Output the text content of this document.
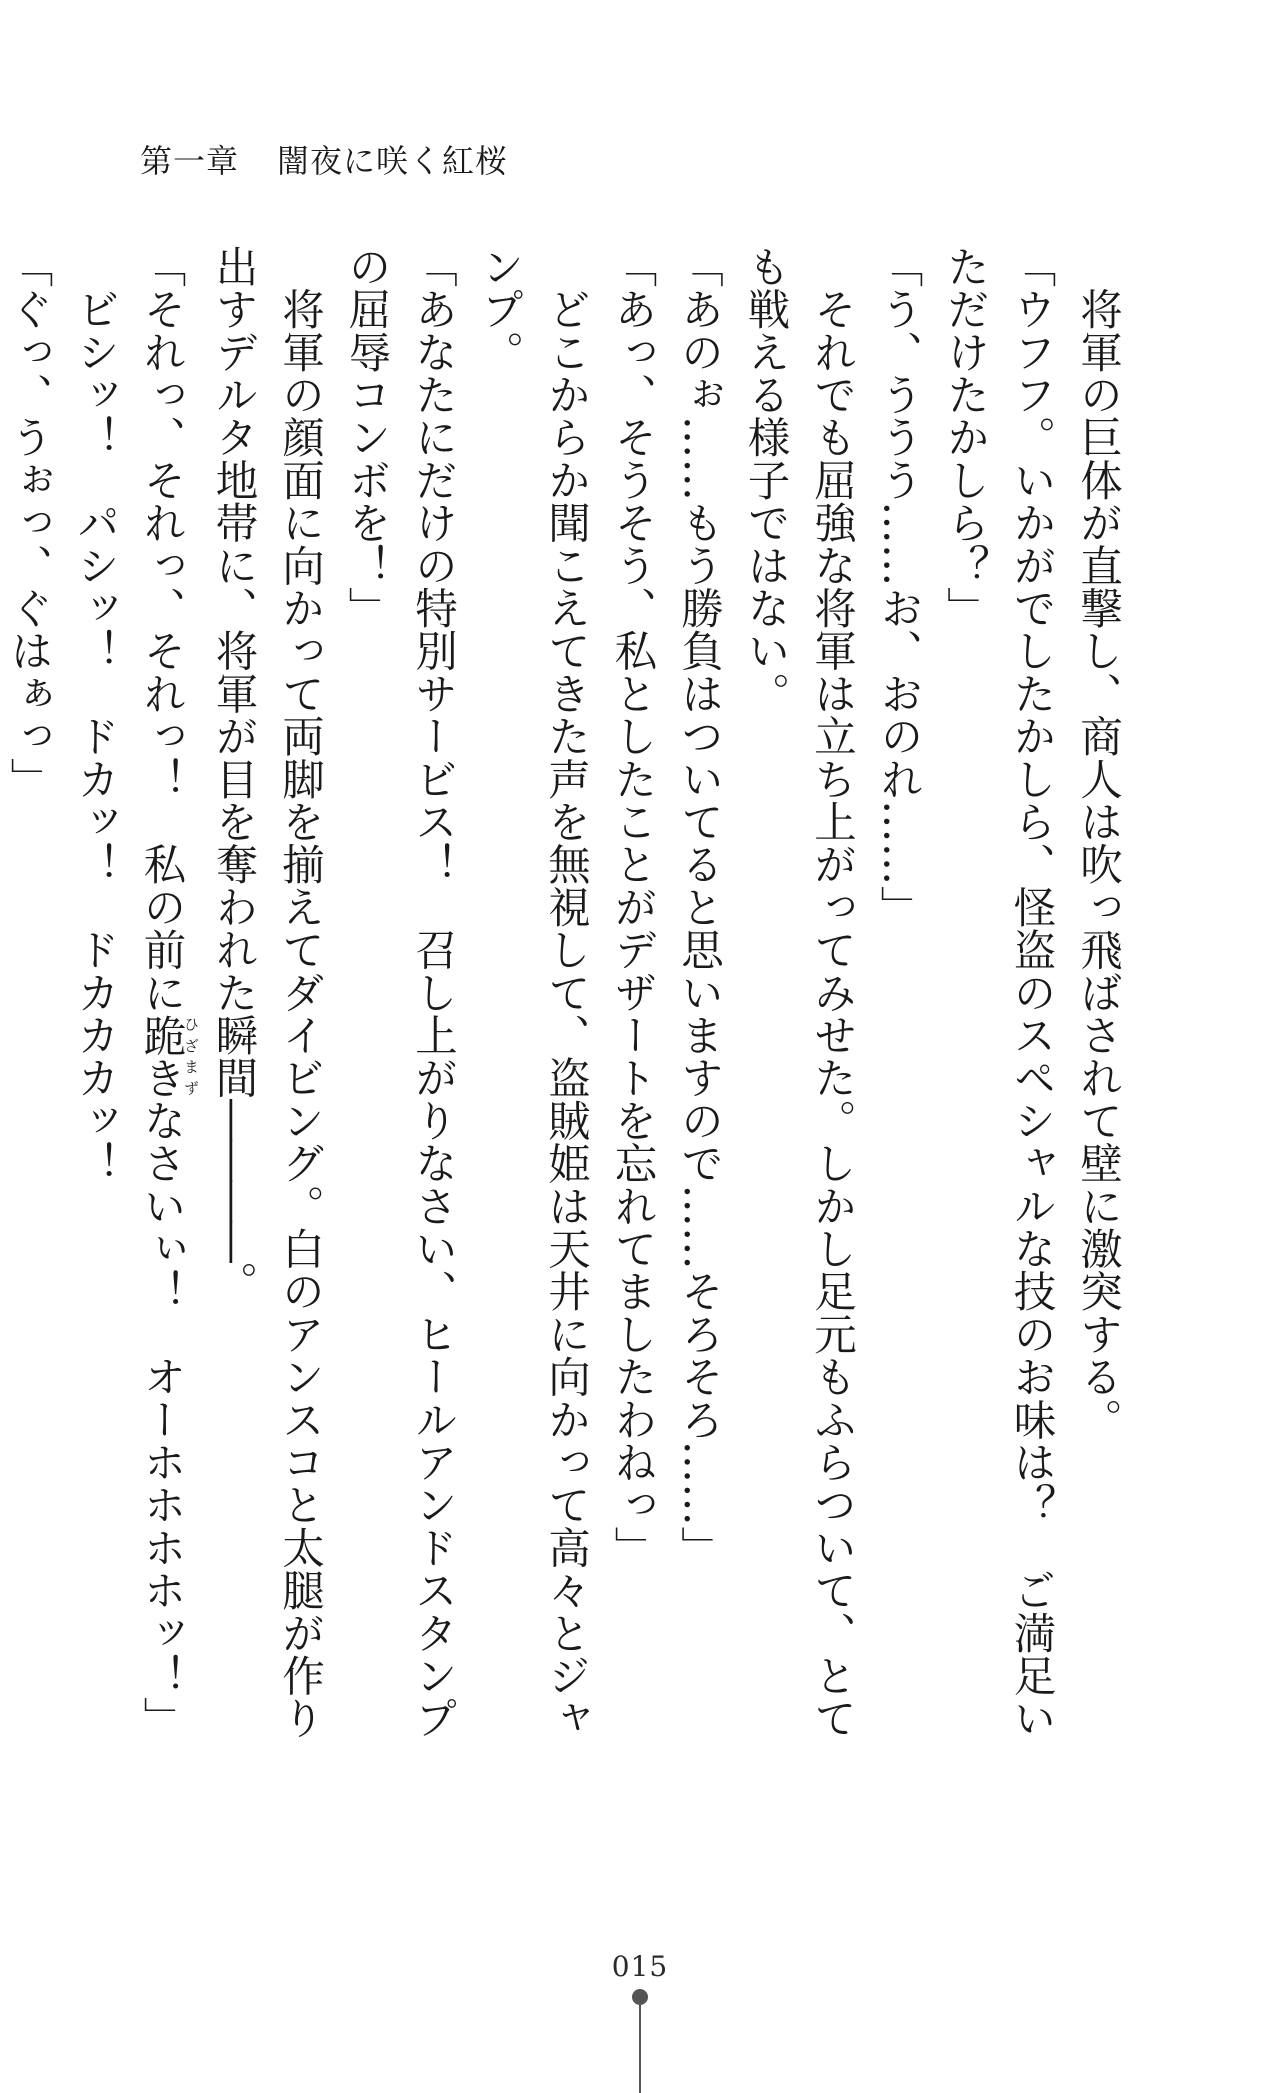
第一章 闇夜に咲く紅桜

　将軍の巨体が直撃し、商人は吹っ飛ばされて壁に激突する。

「ウフフ。いかがでしたかしら、怪盗のスペシャルな技のお味は？　ご満足いただけたかしら？」

「う、ううう……お、おのれ……」

　それでも屈強な将軍は立ち上がってみせた。しかし足元もふらついて、とても戦える様子ではない。

「あのぉ……もう勝負はついてると思いますので……そろそろ……」

「あっ、そうそう、私としたことがデザートを忘れてましたわねっ」

　どこからか聞こえてきた声を無視して、盗賊姫は天井に向かって高々とジャンプ。

「あなたにだけの特別サービス！　召し上がりなさい、ヒールアンドスタンプの屈辱コンボを！」

　将軍の顔面に向かって両脚を揃えてダイビング。白のアンスコと太腿が作り出すデルタ地帯に、将軍が目を奪われた瞬間――――。

「それっ、それっ、それっ！　私の前に跪きひざまずなさいぃ！　オーホホホホッ！」

　ビシッ！　パシッ！　ドカッ！　ドカカカッ！

「ぐっ、うぉっ、ぐはぁっ」

015
